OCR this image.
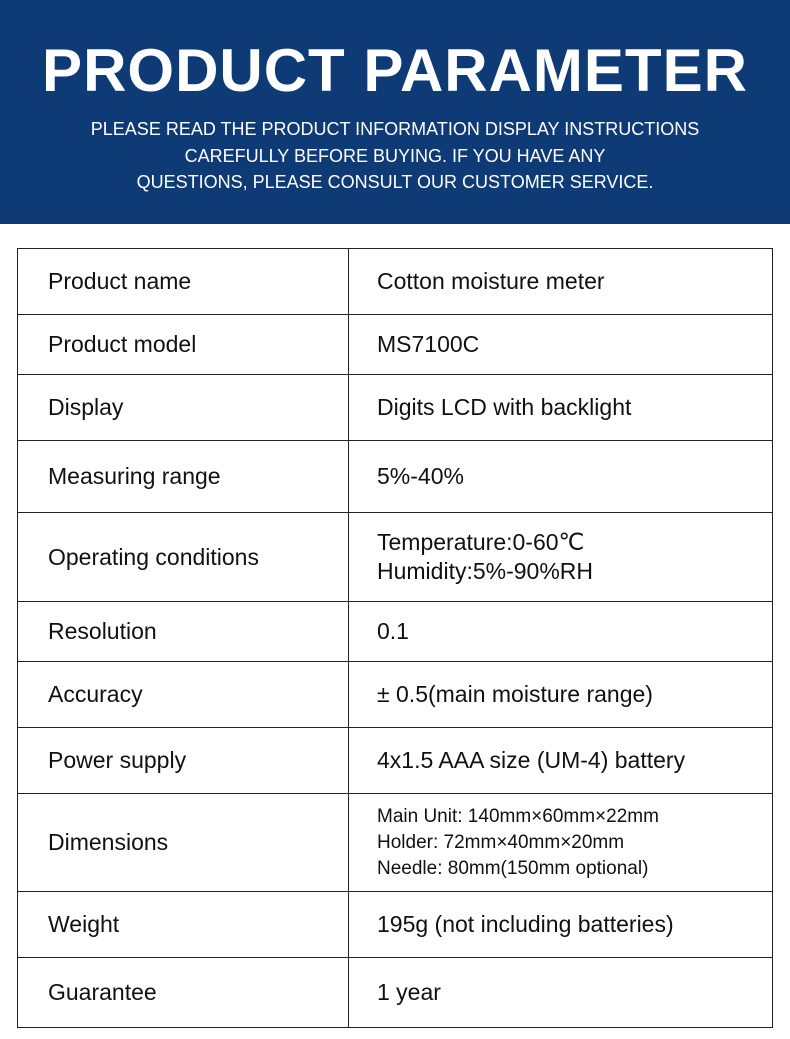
PRODUCT PARAMETER
PLEASE READ THE PRODUCT INFORMATION DISPLAY INSTRUCTIONS
CAREFULLY BEFORE BUYING. IF YOU HAVE ANY
QUESTIONS, PLEASE CONSULT OUR CUSTOMER SERVICE.
Product name	Cotton moisture meter

Product model	MS7100C

Display	Digits LCD with backlight

Measuring range	5%-40%

Operating conditions	Temperature:0-60℃
Humidity:5%-90%RH

Resolution	0.1

Accuracy	± 0.5(main moisture range)

Power supply	4x1.5 AAA size (UM-4) battery

Dimensions	Main Unit: 140mm×60mm×22mm
Holder: 72mm×40mm×20mm
Needle: 80mm(150mm optional)

Weight	195g (not including batteries)

Guarantee	1 year
